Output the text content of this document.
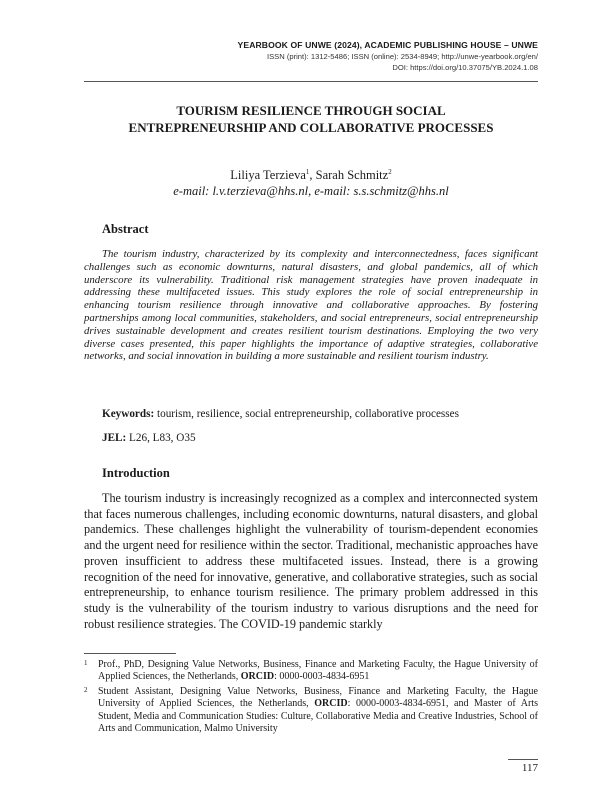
YEARBOOK OF UNWE (2024), ACADEMIC PUBLISHING HOUSE – UNWE
ISSN (print): 1312-5486; ISSN (online): 2534-8949; http://unwe-yearbook.org/en/
DOI: https://doi.org/10.37075/YB.2024.1.08
TOURISM RESILIENCE THROUGH SOCIAL
ENTREPRENEURSHIP AND COLLABORATIVE PROCESSES
Liliya Terzieva$^1$, Sarah Schmitz$^2$
e-mail: l.v.terzieva@hhs.nl, e-mail: s.s.schmitz@hhs.nl
Abstract
The tourism industry, characterized by its complexity and interconnectedness, faces significant challenges such as economic downturns, natural disasters, and global pandemics, all of which underscore its vulnerability. Traditional risk management strategies have proven inadequate in addressing these multifaceted issues. This study explores the role of social entrepreneurship in enhancing tourism resilience through innovative and collaborative approaches. By fostering partnerships among local communities, stakeholders, and social entrepreneurs, social entrepreneurship drives sustainable development and creates resilient tourism destinations. Employing the two very diverse cases presented, this paper highlights the importance of adaptive strategies, collaborative networks, and social innovation in building a more sustainable and resilient tourism industry.
Keywords: tourism, resilience, social entrepreneurship, collaborative processes
JEL: L26, L83, O35
Introduction
The tourism industry is increasingly recognized as a complex and interconnected system that faces numerous challenges, including economic downturns, natural disasters, and global pandemics. These challenges highlight the vulnerability of tourism-dependent economies and the urgent need for resilience within the sector. Traditional, mechanistic approaches have proven insufficient to address these multifaceted issues. Instead, there is a growing recognition of the need for innovative, generative, and collaborative strategies, such as social entrepreneurship, to enhance tourism resilience. The primary problem addressed in this study is the vulnerability of the tourism industry to various disruptions and the need for robust resilience strategies. The COVID-19 pandemic starkly
1 Prof., PhD, Designing Value Networks, Business, Finance and Marketing Faculty, the Hague University of Applied Sciences, the Netherlands, ORCID: 0000-0003-4834-6951
2 Student Assistant, Designing Value Networks, Business, Finance and Marketing Faculty, the Hague University of Applied Sciences, the Netherlands, ORCID: 0000-0003-4834-6951, and Master of Arts Student, Media and Communication Studies: Culture, Collaborative Media and Creative Industries, School of Arts and Communication, Malmo University
117
